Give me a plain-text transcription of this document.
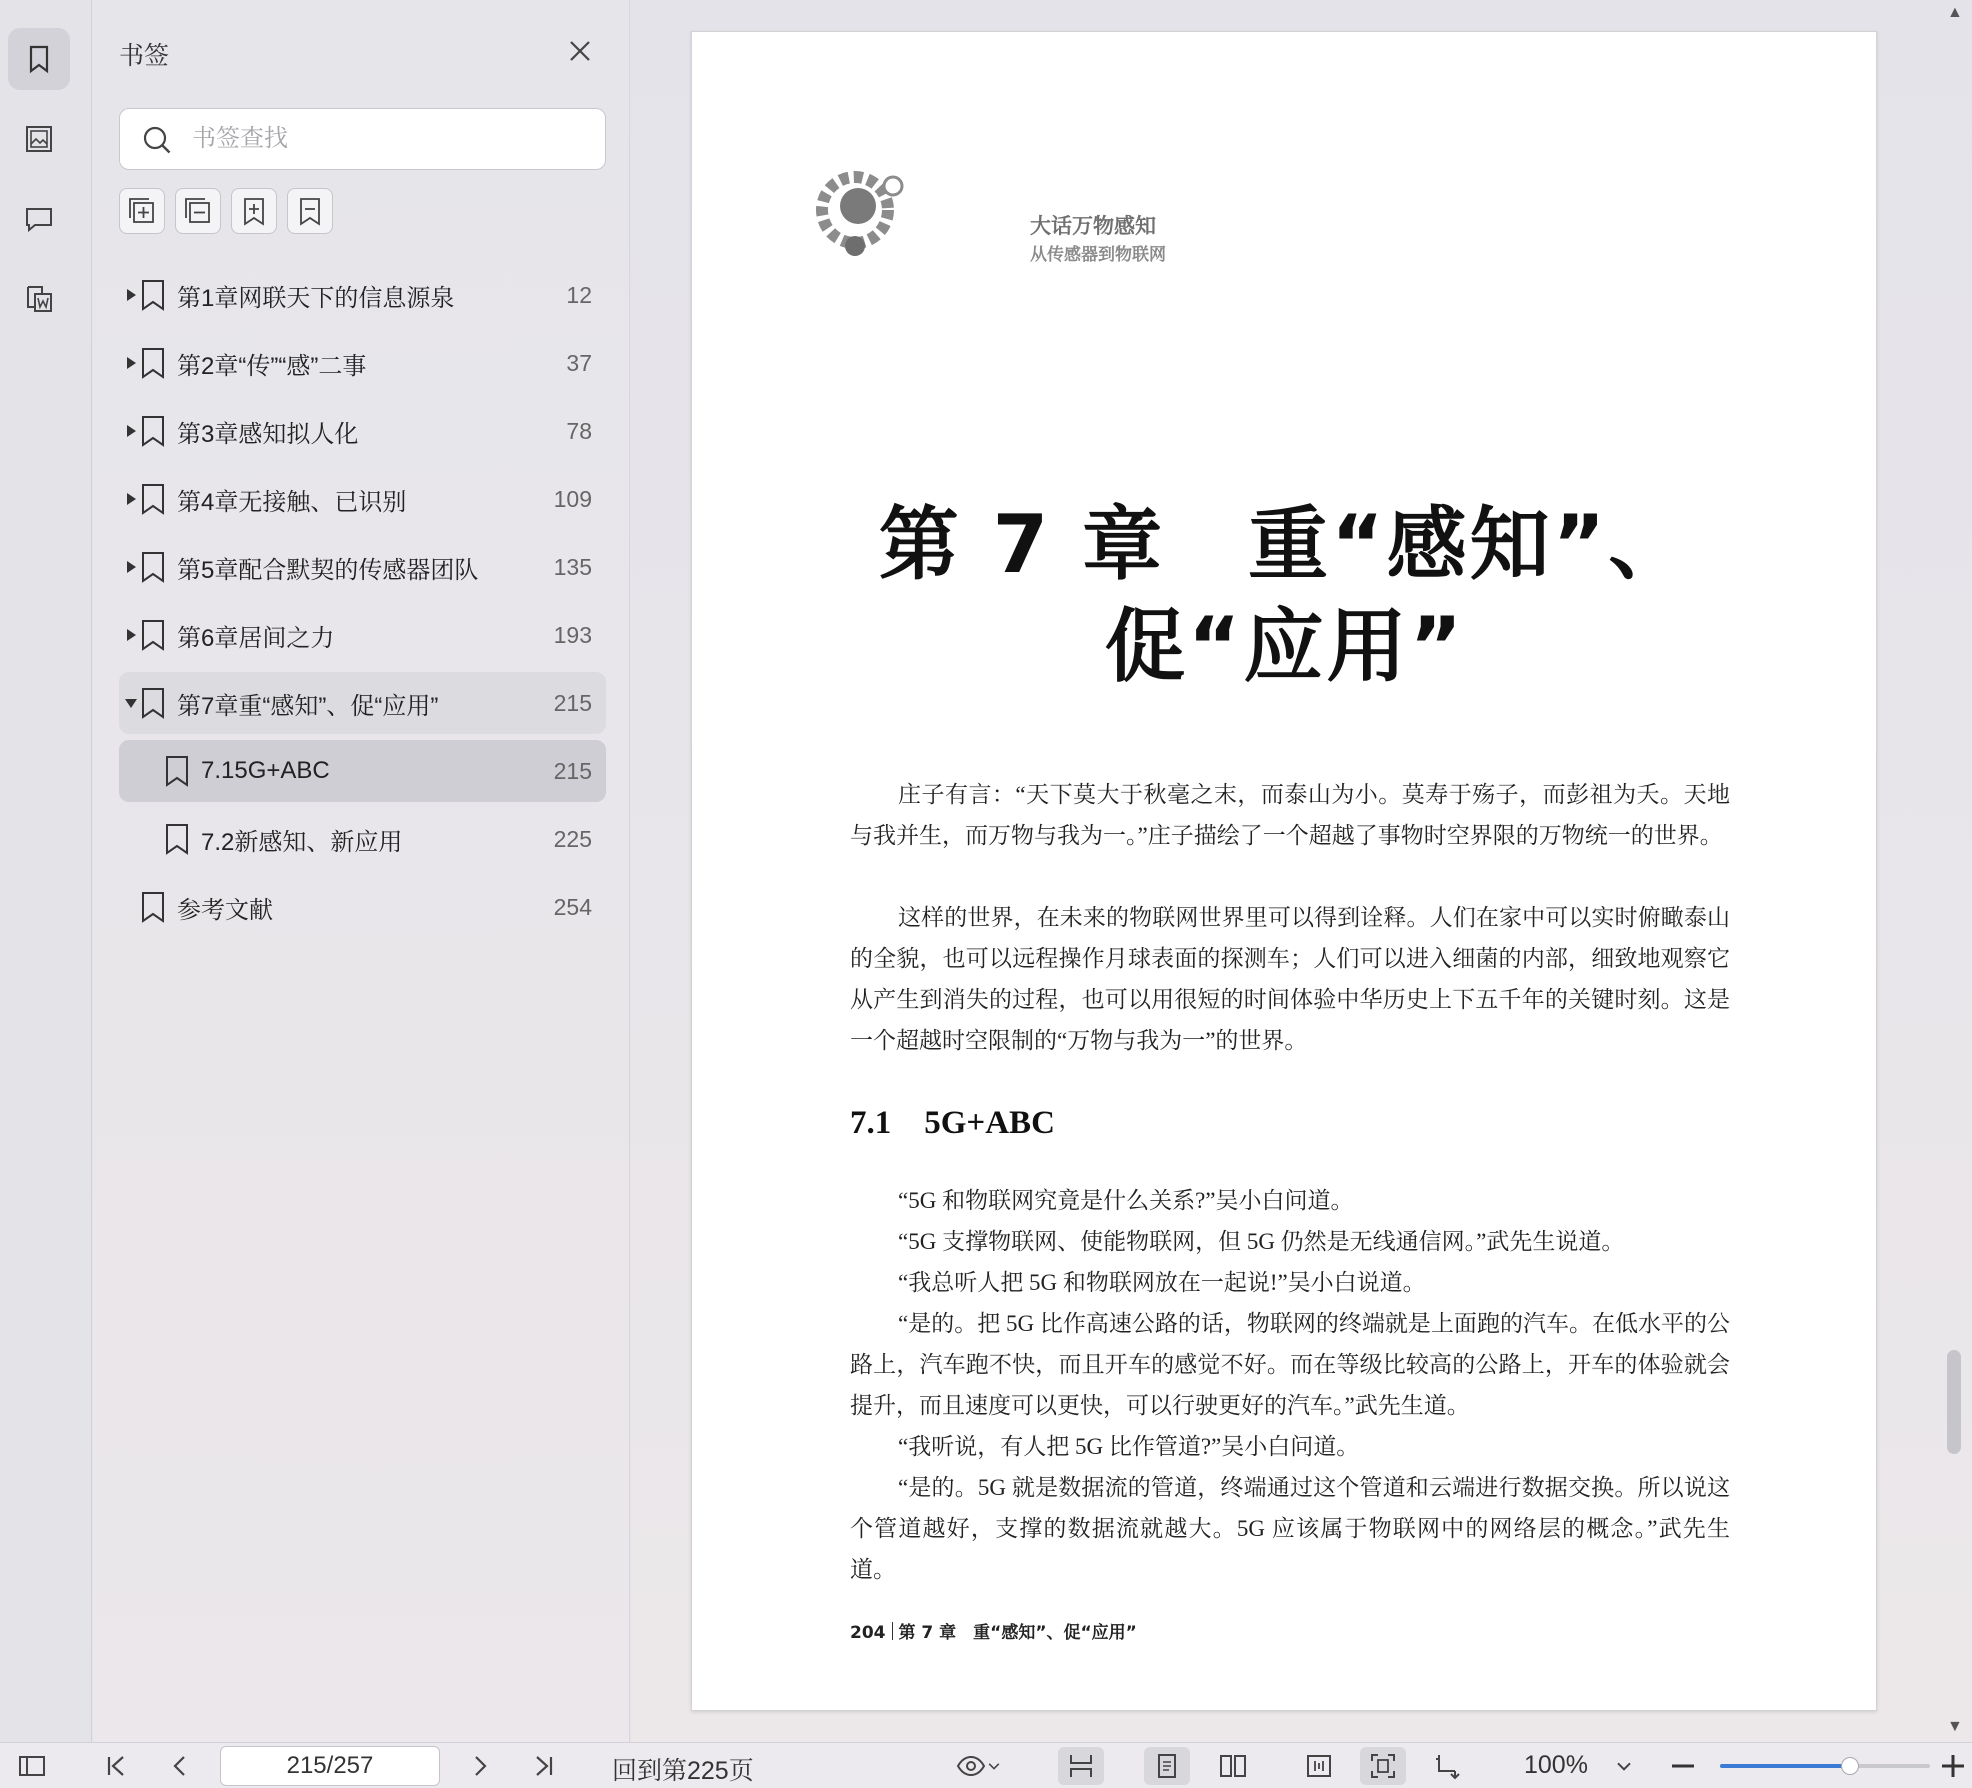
书签
书签查找
第1章网联天下的信息源泉	12
第2章“传”“感”二事	37
第3章感知拟人化	78
第4章无接触、已识别	109
第5章配合默契的传感器团队	135
第6章居间之力	193
第7章重“感知”、促“应用”	215
7.15G+ABC	215
7.2新感知、新应用	225
参考文献	254
▲
大话万物感知
从传感器到物联网
第 7 章　重“感知”、
促“应用”
庄子有言：“天下莫大于秋毫之末，而泰山为小。莫寿于殇子，而彭祖为夭。天地与我并生，而万物与我为一。”庄子描绘了一个超越了事物时空界限的万物统一的世界。
这样的世界，在未来的物联网世界里可以得到诠释。人们在家中可以实时俯瞰泰山的全貌，也可以远程操作月球表面的探测车；人们可以进入细菌的内部，细致地观察它从产生到消失的过程，也可以用很短的时间体验中华历史上下五千年的关键时刻。这是一个超越时空限制的“万物与我为一”的世界。
7.1　5G+ABC
“5G 和物联网究竟是什么关系?”吴小白问道。
“5G 支撑物联网、使能物联网，但 5G 仍然是无线通信网。”武先生说道。
“我总听人把 5G 和物联网放在一起说!”吴小白说道。
“是的。把 5G 比作高速公路的话，物联网的终端就是上面跑的汽车。在低水平的公路上，汽车跑不快，而且开车的感觉不好。而在等级比较高的公路上，开车的体验就会提升，而且速度可以更快，可以行驶更好的汽车。”武先生道。
“我听说，有人把 5G 比作管道?”吴小白问道。
“是的。5G 就是数据流的管道，终端通过这个管道和云端进行数据交换。所以说这个管道越好，支撑的数据流就越大。5G 应该属于物联网中的网络层的概念。”武先生道。
204 第 7 章　重“感知”、促“应用”
▼
215/257
回到第225页	100%
